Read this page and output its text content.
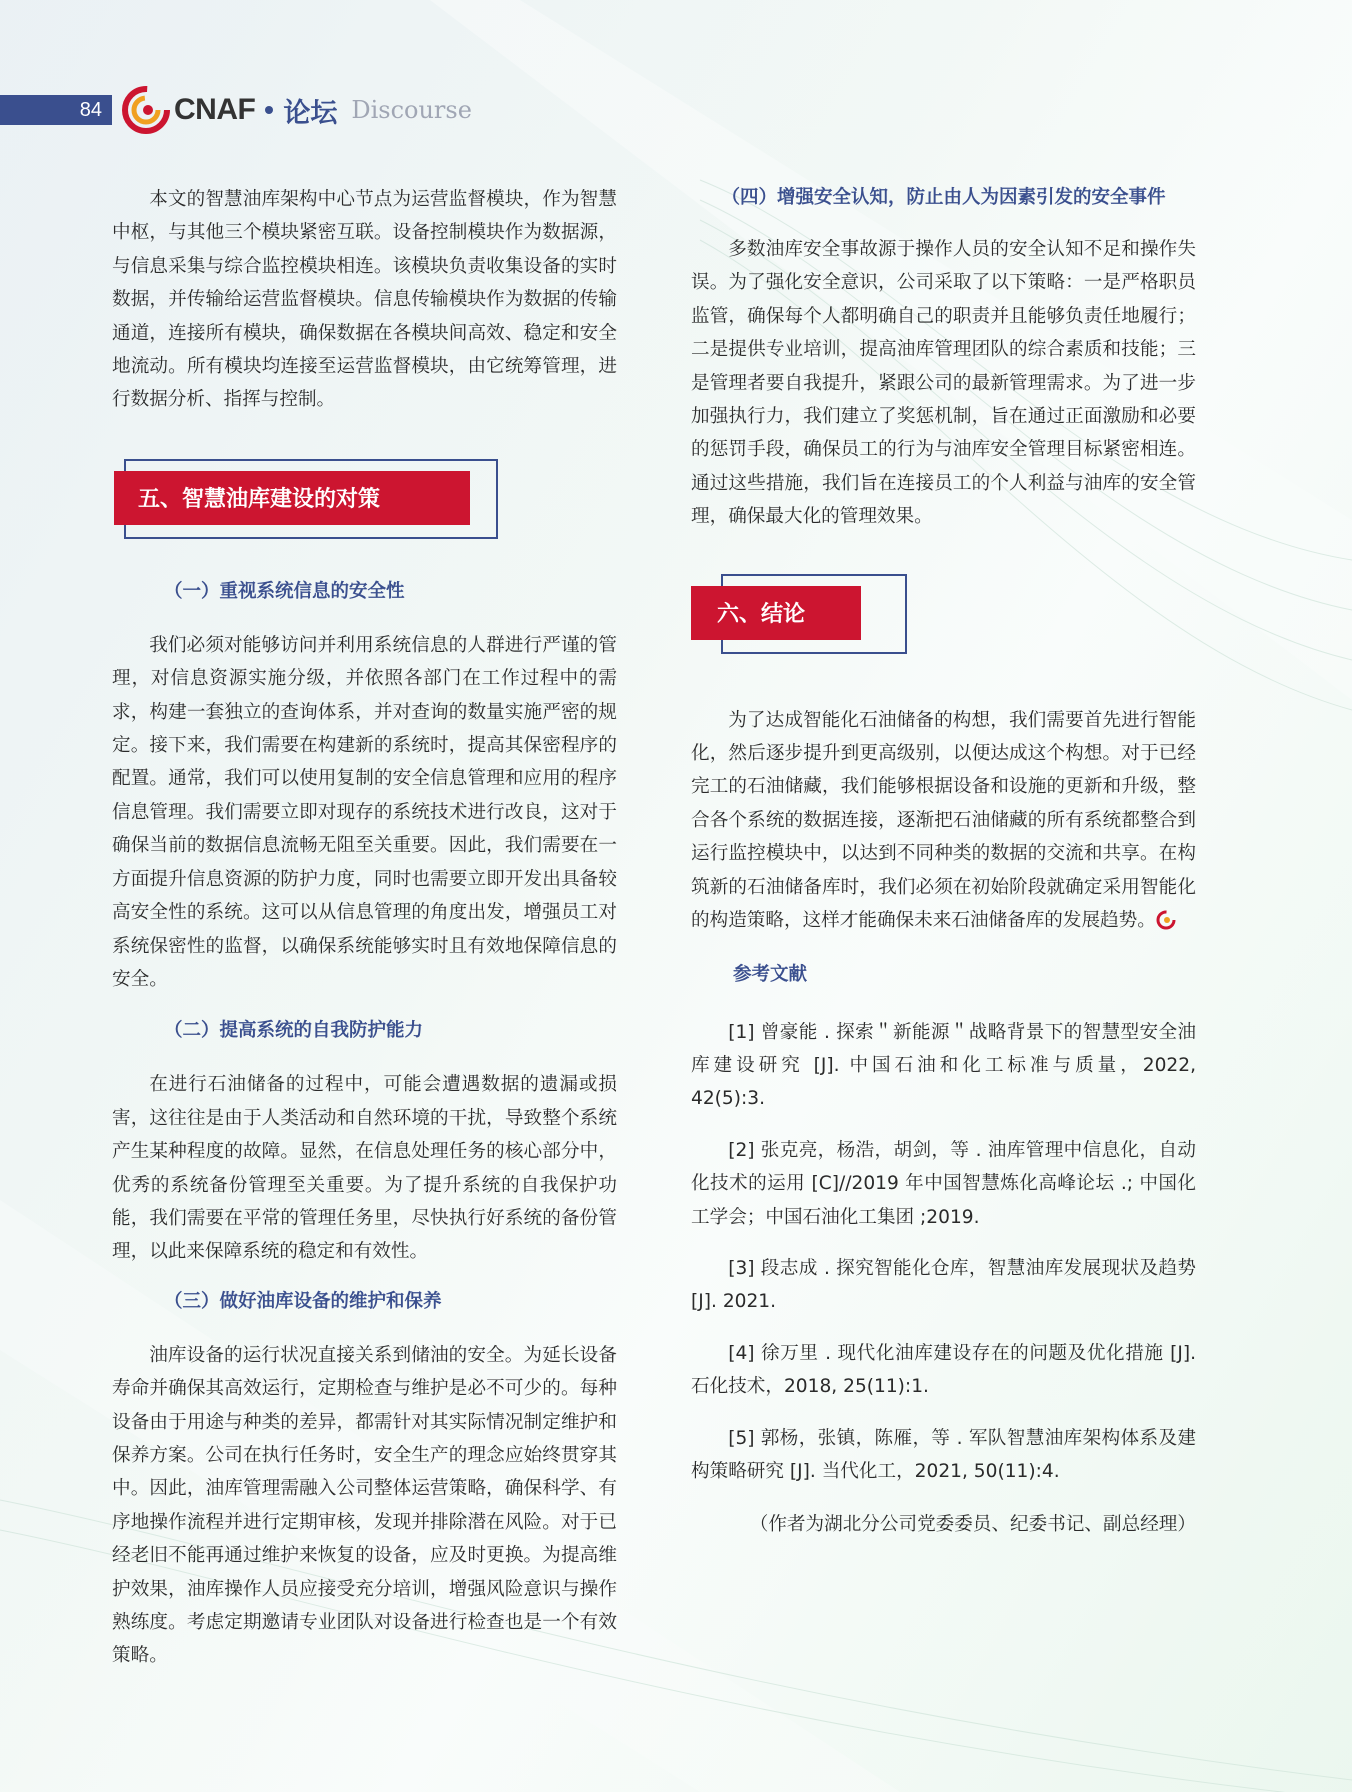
84 CNAF 论坛 Discourse

本文的智慧油库架构中心节点为运营监督模块，作为智慧中枢，与其他三个模块紧密互联。设备控制模块作为数据源，与信息采集与综合监控模块相连。该模块负责收集设备的实时数据，并传输给运营监督模块。信息传输模块作为数据的传输通道，连接所有模块，确保数据在各模块间高效、稳定和安全地流动。所有模块均连接至运营监督模块，由它统筹管理，进行数据分析、指挥与控制。

五、智慧油库建设的对策

（一）重视系统信息的安全性

我们必须对能够访问并利用系统信息的人群进行严谨的管理，对信息资源实施分级，并依照各部门在工作过程中的需求，构建一套独立的查询体系，并对查询的数量实施严密的规定。接下来，我们需要在构建新的系统时，提高其保密程序的配置。通常，我们可以使用复制的安全信息管理和应用的程序信息管理。我们需要立即对现存的系统技术进行改良，这对于确保当前的数据信息流畅无阻至关重要。因此，我们需要在一方面提升信息资源的防护力度，同时也需要立即开发出具备较高安全性的系统。这可以从信息管理的角度出发，增强员工对系统保密性的监督，以确保系统能够实时且有效地保障信息的安全。

（二）提高系统的自我防护能力

在进行石油储备的过程中，可能会遭遇数据的遗漏或损害，这往往是由于人类活动和自然环境的干扰，导致整个系统产生某种程度的故障。显然，在信息处理任务的核心部分中，优秀的系统备份管理至关重要。为了提升系统的自我保护功能，我们需要在平常的管理任务里，尽快执行好系统的备份管理，以此来保障系统的稳定和有效性。

（三）做好油库设备的维护和保养

油库设备的运行状况直接关系到储油的安全。为延长设备寿命并确保其高效运行，定期检查与维护是必不可少的。每种设备由于用途与种类的差异，都需针对其实际情况制定维护和保养方案。公司在执行任务时，安全生产的理念应始终贯穿其中。因此，油库管理需融入公司整体运营策略，确保科学、有序地操作流程并进行定期审核，发现并排除潜在风险。对于已经老旧不能再通过维护来恢复的设备，应及时更换。为提高维护效果，油库操作人员应接受充分培训，增强风险意识与操作熟练度。考虑定期邀请专业团队对设备进行检查也是一个有效策略。

（四）增强安全认知，防止由人为因素引发的安全事件

多数油库安全事故源于操作人员的安全认知不足和操作失误。为了强化安全意识，公司采取了以下策略：一是严格职员监管，确保每个人都明确自己的职责并且能够负责任地履行；二是提供专业培训，提高油库管理团队的综合素质和技能；三是管理者要自我提升，紧跟公司的最新管理需求。为了进一步加强执行力，我们建立了奖惩机制，旨在通过正面激励和必要的惩罚手段，确保员工的行为与油库安全管理目标紧密相连。通过这些措施，我们旨在连接员工的个人利益与油库的安全管理，确保最大化的管理效果。

六、结论

为了达成智能化石油储备的构想，我们需要首先进行智能化，然后逐步提升到更高级别，以便达成这个构想。对于已经完工的石油储藏，我们能够根据设备和设施的更新和升级，整合各个系统的数据连接，逐渐把石油储藏的所有系统都整合到运行监控模块中，以达到不同种类的数据的交流和共享。在构筑新的石油储备库时，我们必须在初始阶段就确定采用智能化的构造策略，这样才能确保未来石油储备库的发展趋势。

参考文献

[1] 曾豪能 . 探索＂新能源＂战略背景下的智慧型安全油库建设研究 [J]. 中国石油和化工标准与质量，2022, 42(5):3.

[2] 张克亮，杨浩，胡剑，等 . 油库管理中信息化，自动化技术的运用 [C]//2019 年中国智慧炼化高峰论坛 .; 中国化工学会；中国石油化工集团 ;2019.

[3] 段志成 . 探究智能化仓库，智慧油库发展现状及趋势 [J]. 2021.

[4] 徐万里 . 现代化油库建设存在的问题及优化措施 [J]. 石化技术，2018, 25(11):1.

[5] 郭杨，张镇，陈雁，等 . 军队智慧油库架构体系及建构策略研究 [J]. 当代化工，2021, 50(11):4.

（作者为湖北分公司党委委员、纪委书记、副总经理）
